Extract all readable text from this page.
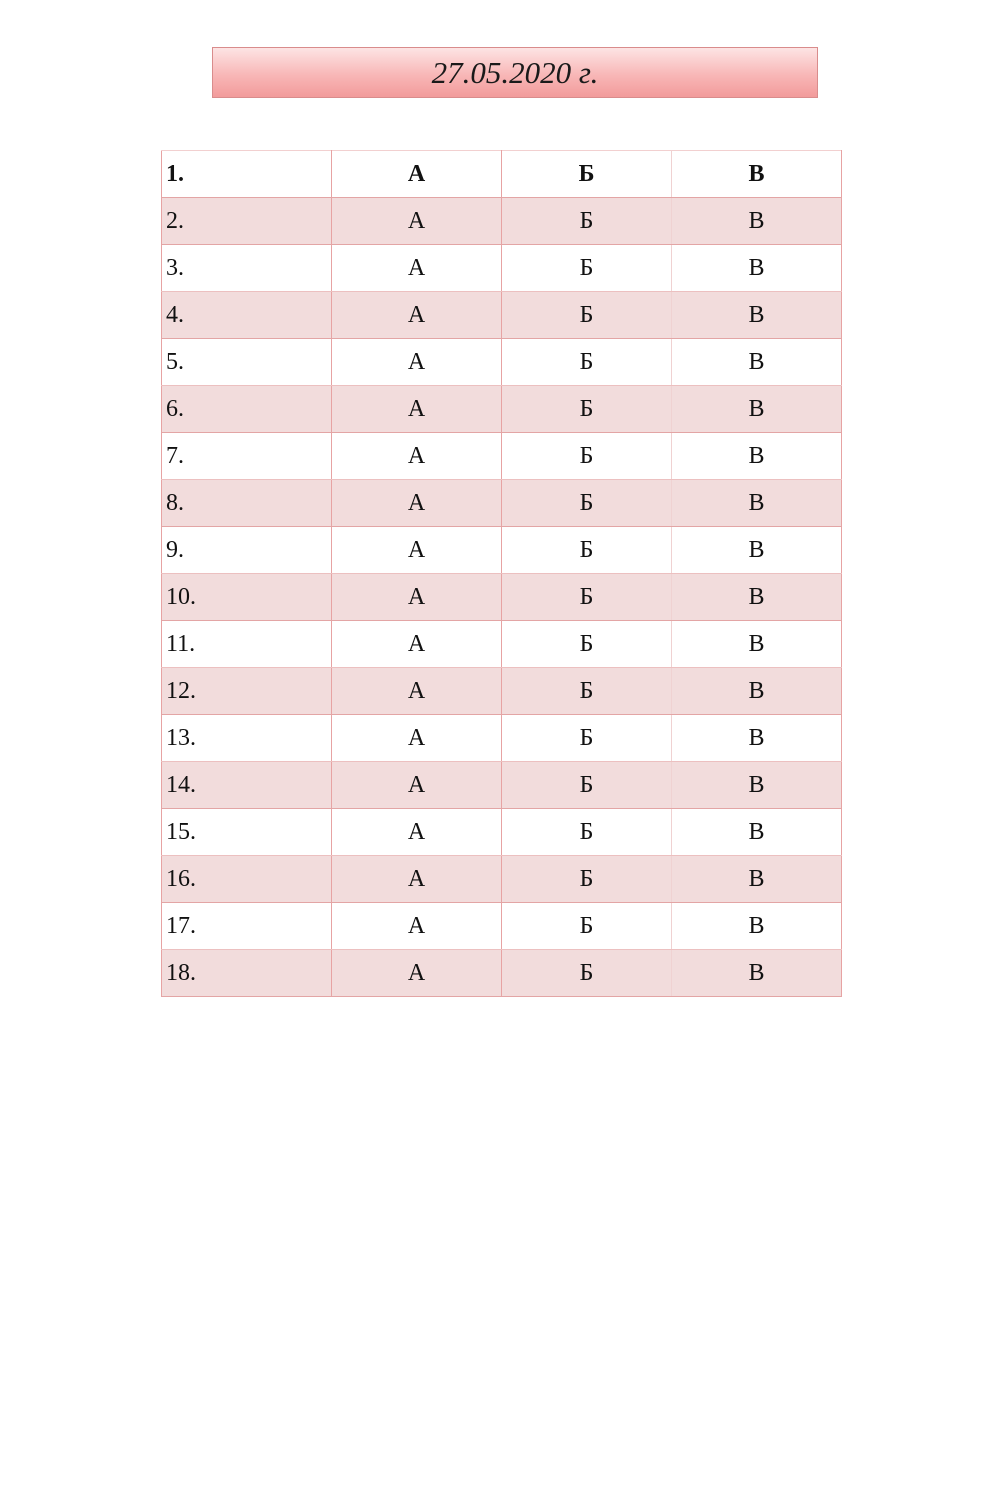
27.05.2020 г.
1.	А	Б	В
2.	А	Б	В
3.	А	Б	В
4.	А	Б	В
5.	А	Б	В
6.	А	Б	В
7.	А	Б	В
8.	А	Б	В
9.	А	Б	В
10.	А	Б	В
11.	А	Б	В
12.	А	Б	В
13.	А	Б	В
14.	А	Б	В
15.	А	Б	В
16.	А	Б	В
17.	А	Б	В
18.	А	Б	В
